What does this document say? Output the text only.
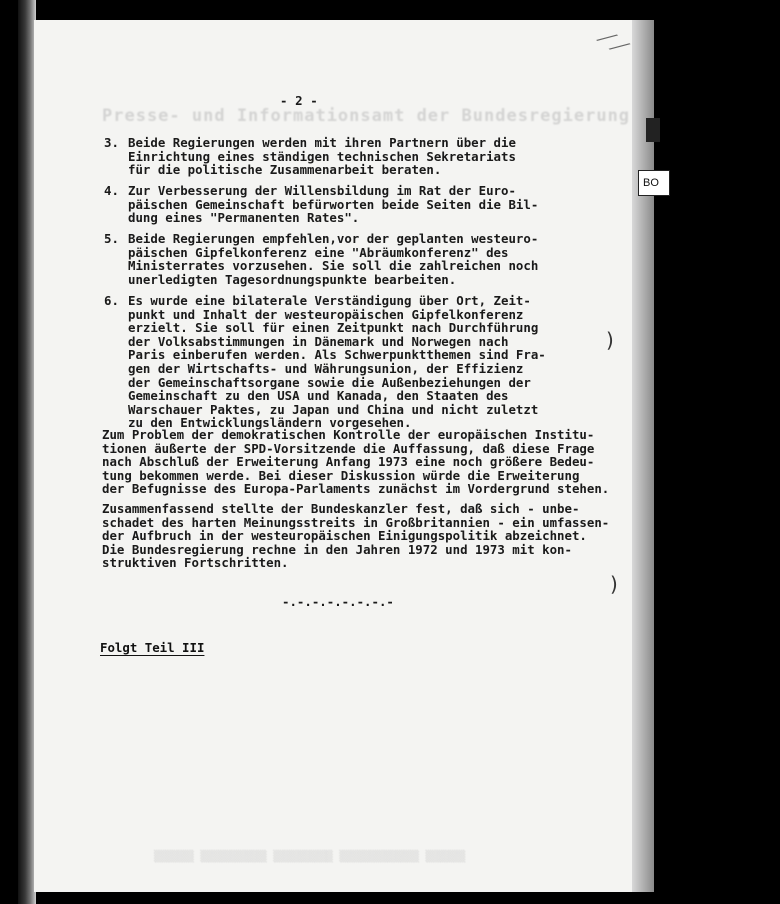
BO
⟋⟋
)
)
Presse- und Informationsamt der Bundesregierung
- 2 -
3. Beide Regierungen werden mit ihren Partnern über die
Einrichtung eines ständigen technischen Sekretariats
für die politische Zusammenarbeit beraten.
4. Zur Verbesserung der Willensbildung im Rat der Euro-
päischen Gemeinschaft befürworten beide Seiten die Bil-
dung eines "Permanenten Rates".
5. Beide Regierungen empfehlen,vor der geplanten westeuro-
päischen Gipfelkonferenz eine "Abräumkonferenz" des
Ministerrates vorzusehen. Sie soll die zahlreichen noch
unerledigten Tagesordnungspunkte bearbeiten.
6. Es wurde eine bilaterale Verständigung über Ort, Zeit-
punkt und Inhalt der westeuropäischen Gipfelkonferenz
erzielt. Sie soll für einen Zeitpunkt nach Durchführung
der Volksabstimmungen in Dänemark und Norwegen nach
Paris einberufen werden. Als Schwerpunktthemen sind Fra-
gen der Wirtschafts- und Währungsunion, der Effizienz
der Gemeinschaftsorgane sowie die Außenbeziehungen der
Gemeinschaft zu den USA und Kanada, den Staaten des
Warschauer Paktes, zu Japan und China und nicht zuletzt
zu den Entwicklungsländern vorgesehen.
Zum Problem der demokratischen Kontrolle der europäischen Institu-
tionen äußerte der SPD-Vorsitzende die Auffassung, daß diese Frage
nach Abschluß der Erweiterung Anfang 1973 eine noch größere Bedeu-
tung bekommen werde. Bei dieser Diskussion würde die Erweiterung
der Befugnisse des Europa-Parlaments zunächst im Vordergrund stehen.
Zusammenfassend stellte der Bundeskanzler fest, daß sich - unbe-
schadet des harten Meinungsstreits in Großbritannien - ein umfassen-
der Aufbruch in der westeuropäischen Einigungspolitik abzeichnet.
Die Bundesregierung rechne in den Jahren 1972 und 1973 mit kon-
struktiven Fortschritten.
-.-.-.-.-.-.-.-
Folgt Teil III
▒▒▒▒▒▒ ▒▒▒▒▒▒▒▒▒▒ ▒▒▒▒▒▒▒▒▒ ▒▒▒▒▒▒▒▒▒▒▒▒ ▒▒▒▒▒▒
